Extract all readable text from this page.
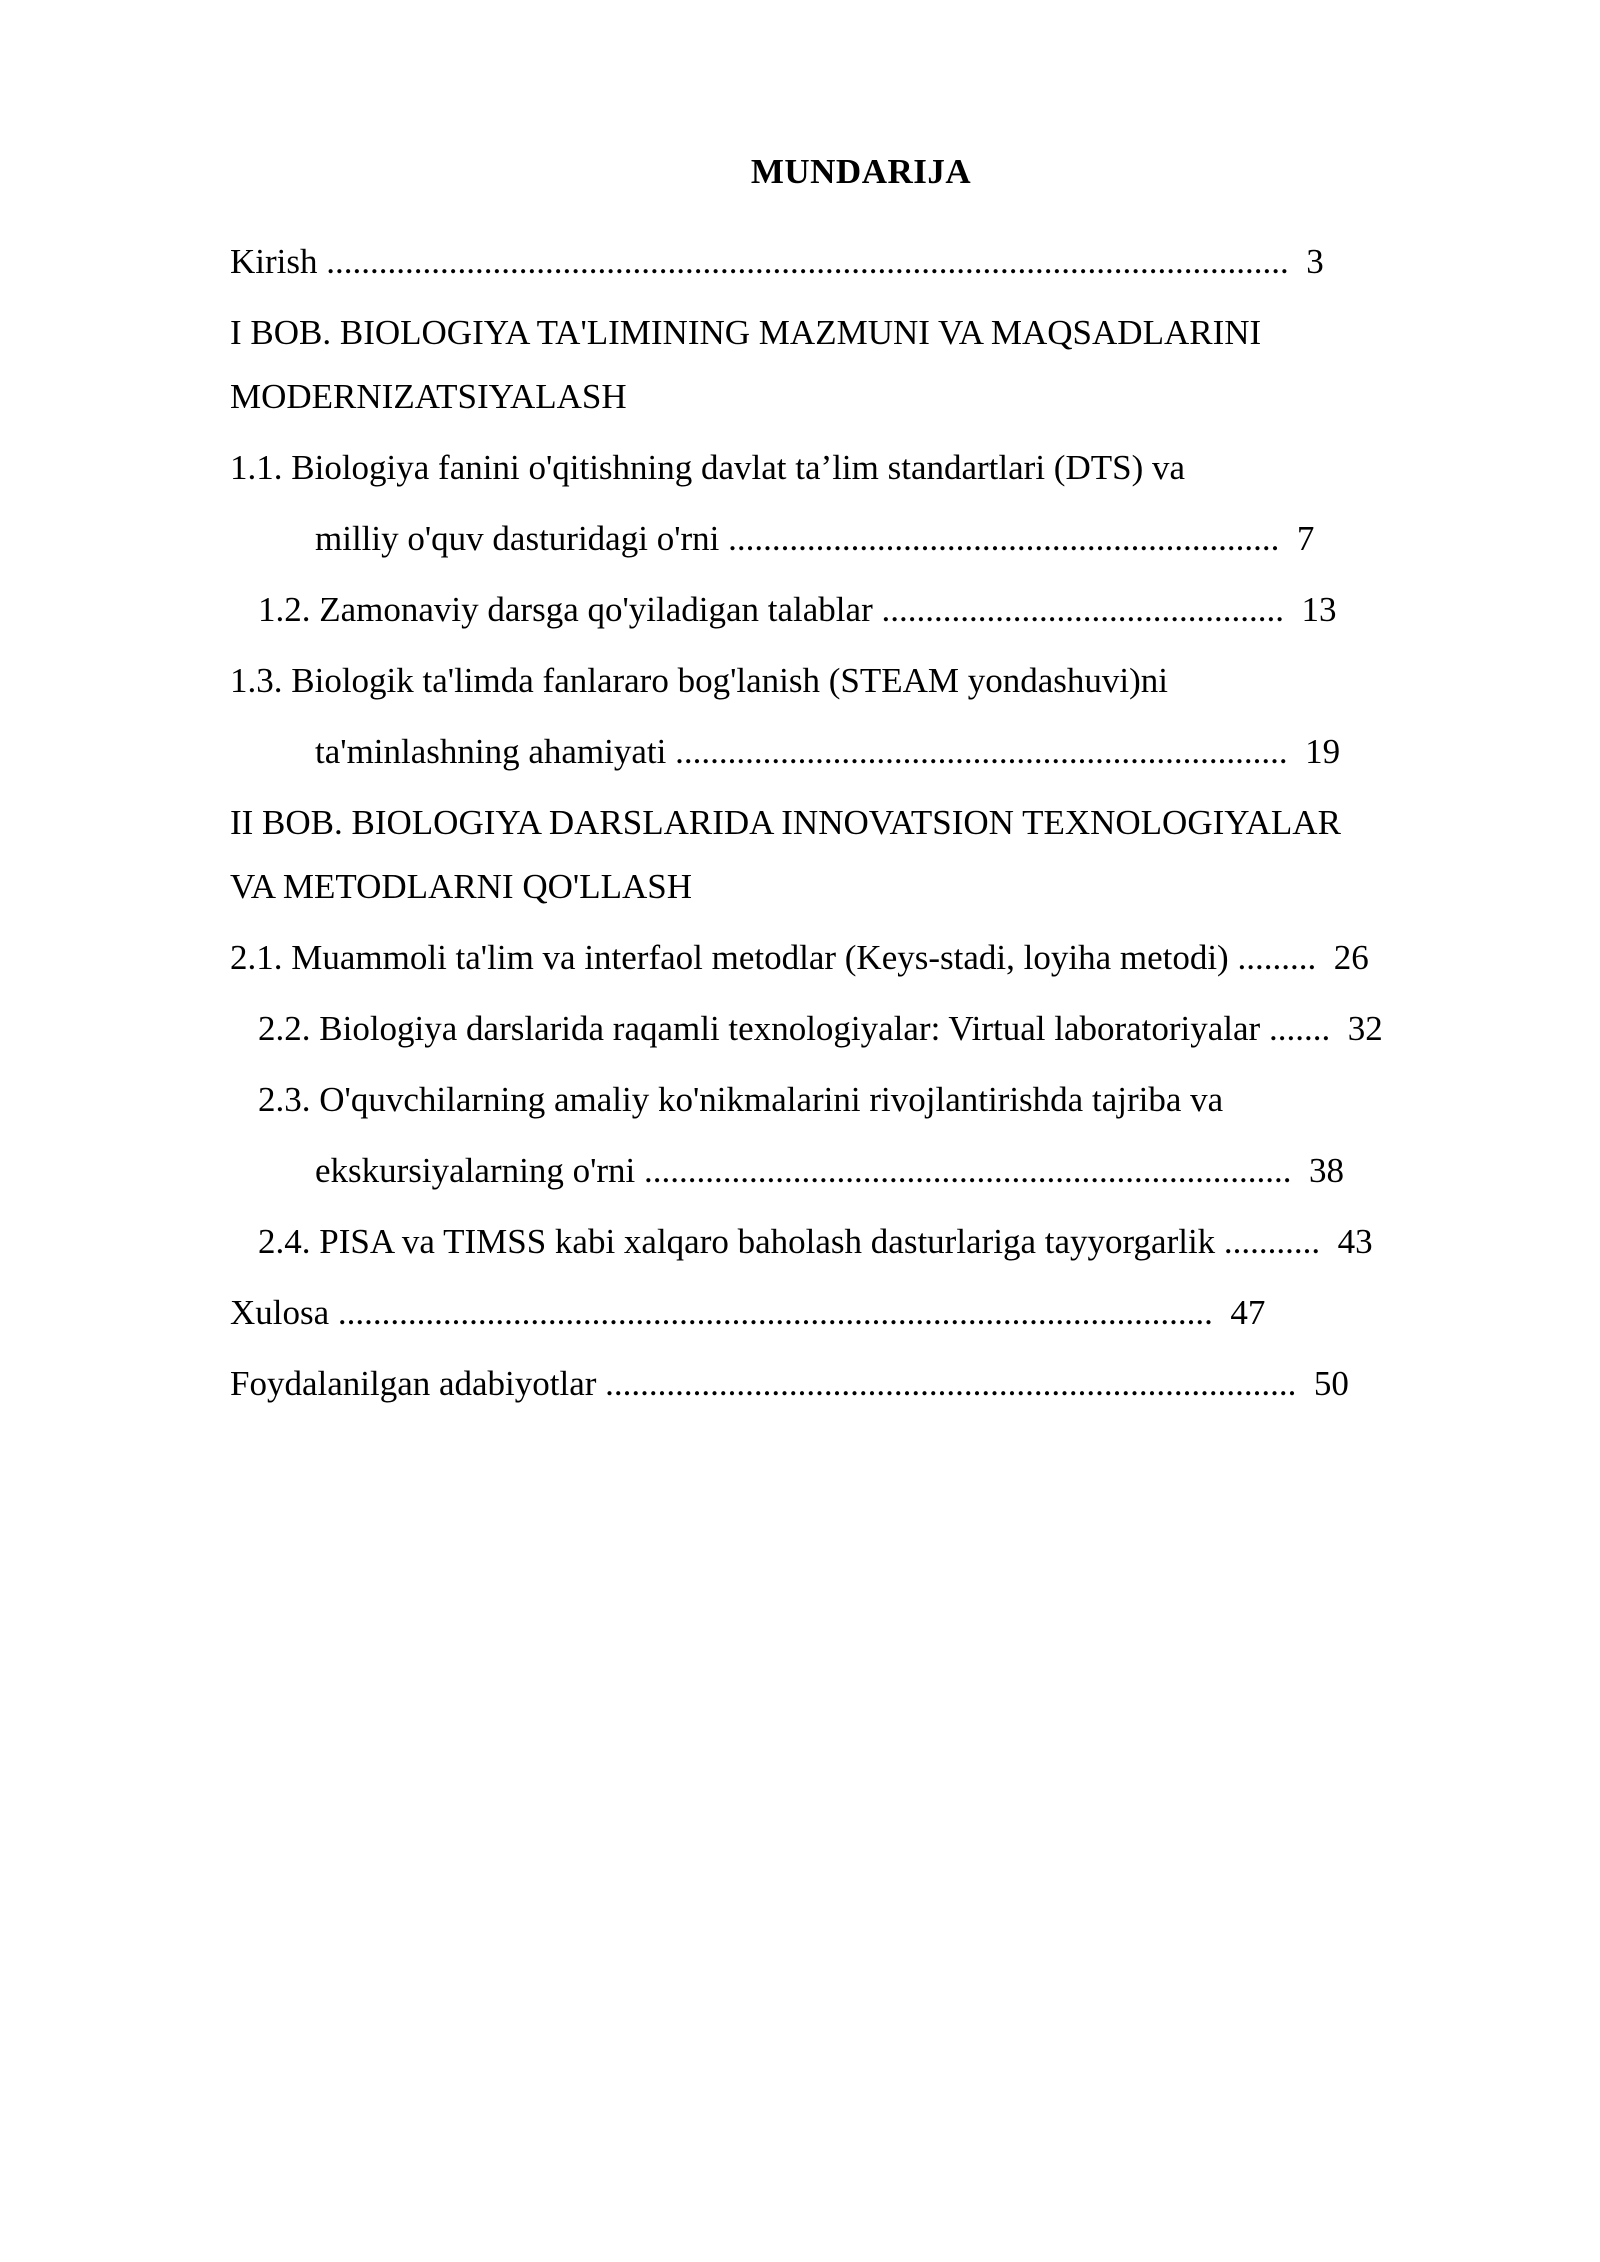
MUNDARIJA
Kirish ..............................................................................................................  3
I BOB. BIOLOGIYA TA'LIMINING MAZMUNI VA MAQSADLARINI
MODERNIZATSIYALASH
1.1. Biologiya fanini o'qitishning davlat ta’lim standartlari (DTS) va
milliy o'quv dasturidagi o'rni ...............................................................  7
1.2. Zamonaviy darsga qo'yiladigan talablar ..............................................  13
1.3. Biologik ta'limda fanlararo bog'lanish (STEAM yondashuvi)ni
ta'minlashning ahamiyati ......................................................................  19
II BOB. BIOLOGIYA DARSLARIDA INNOVATSION TEXNOLOGIYALAR
VA METODLARNI QO'LLASH
2.1. Muammoli ta'lim va interfaol metodlar (Keys-stadi, loyiha metodi) .........  26
2.2. Biologiya darslarida raqamli texnologiyalar: Virtual laboratoriyalar .......  32
2.3. O'quvchilarning amaliy ko'nikmalarini rivojlantirishda tajriba va
ekskursiyalarning o'rni ..........................................................................  38
2.4. PISA va TIMSS kabi xalqaro baholash dasturlariga tayyorgarlik ...........  43
Xulosa ....................................................................................................  47
Foydalanilgan adabiyotlar ...............................................................................  50
